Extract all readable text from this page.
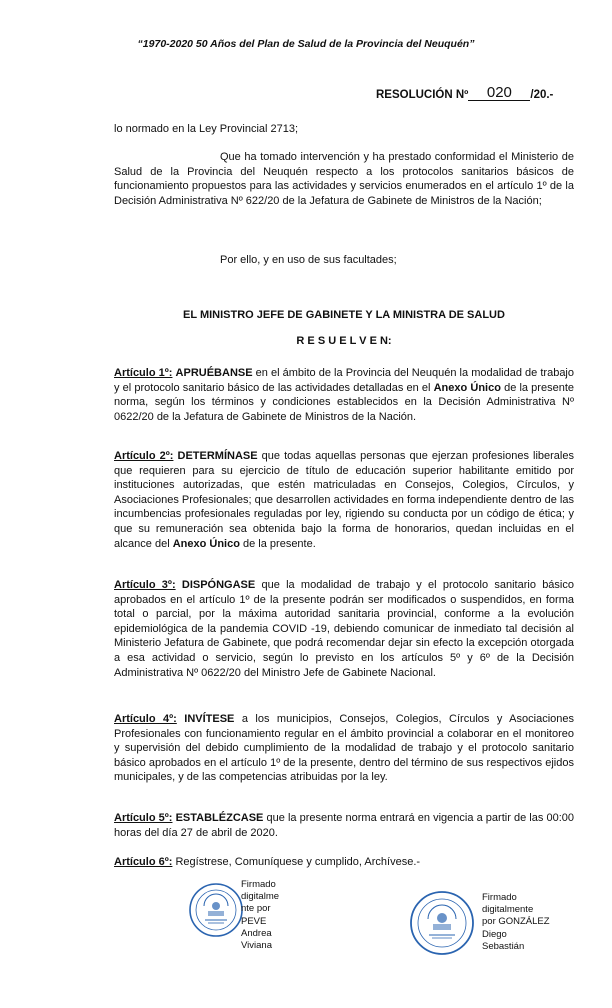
“1970-2020 50 Años del Plan de Salud de la Provincia del Neuquén”
RESOLUCIÓN Nº 020 /20.-
lo normado en la Ley Provincial 2713;
Que ha tomado intervención y ha prestado conformidad el Ministerio de Salud de la Provincia del Neuquén respecto a los protocolos sanitarios básicos de funcionamiento propuestos para las actividades y servicios enumerados en el artículo 1º de la Decisión Administrativa Nº 622/20 de la Jefatura de Gabinete de Ministros de la Nación;
Por ello, y en uso de sus facultades;
EL MINISTRO JEFE DE GABINETE Y LA MINISTRA DE SALUD
R E S U E L V E N:
Artículo 1º: APRUÉBANSE en el ámbito de la Provincia del Neuquén la modalidad de trabajo y el protocolo sanitario básico de las actividades detalladas en el Anexo Único de la presente norma, según los términos y condiciones establecidos en la Decisión Administrativa Nº 0622/20 de la Jefatura de Gabinete de Ministros de la Nación.
Artículo 2º: DETERMÍNASE que todas aquellas personas que ejerzan profesiones liberales que requieren para su ejercicio de título de educación superior habilitante emitido por instituciones autorizadas, que estén matriculadas en Consejos, Colegios, Círculos, y Asociaciones Profesionales; que desarrollen actividades en forma independiente dentro de las incumbencias profesionales reguladas por ley, rigiendo su conducta por un código de ética; y que su remuneración sea obtenida bajo la forma de honorarios, quedan incluidas en el alcance del Anexo Único de la presente.
Artículo 3º: DISPÓNGASE que la modalidad de trabajo y el protocolo sanitario básico aprobados en el artículo 1º de la presente podrán ser modificados o suspendidos, en forma total o parcial, por la máxima autoridad sanitaria provincial, conforme a la evolución epidemiológica de la pandemia COVID -19, debiendo comunicar de inmediato tal decisión al Ministerio Jefatura de Gabinete, que podrá recomendar dejar sin efecto la excepción otorgada a esa actividad o servicio, según lo previsto en los artículos 5º y 6º de la Decisión Administrativa Nº 0622/20 del Ministro Jefe de Gabinete Nacional.
Artículo 4º: INVÍTESE a los municipios, Consejos, Colegios, Círculos y Asociaciones Profesionales con funcionamiento regular en el ámbito provincial a colaborar en el monitoreo y supervisión del debido cumplimiento de la modalidad de trabajo y el protocolo sanitario básico aprobados en el artículo 1º de la presente, dentro del término de sus respectivos ejidos municipales, y de las competencias atribuidas por la ley.
Artículo 5º: ESTABLÉZCASE que la presente norma entrará en vigencia a partir de las 00:00 horas del día 27 de abril de 2020.
Artículo 6º: Regístrese, Comuníquese y cumplido, Archívese.-
Firmado
digitalme
nte por
PEVE
Andrea
Viviana
Firmado
digitalmente
por GONZÁLEZ
Diego
Sebastián
